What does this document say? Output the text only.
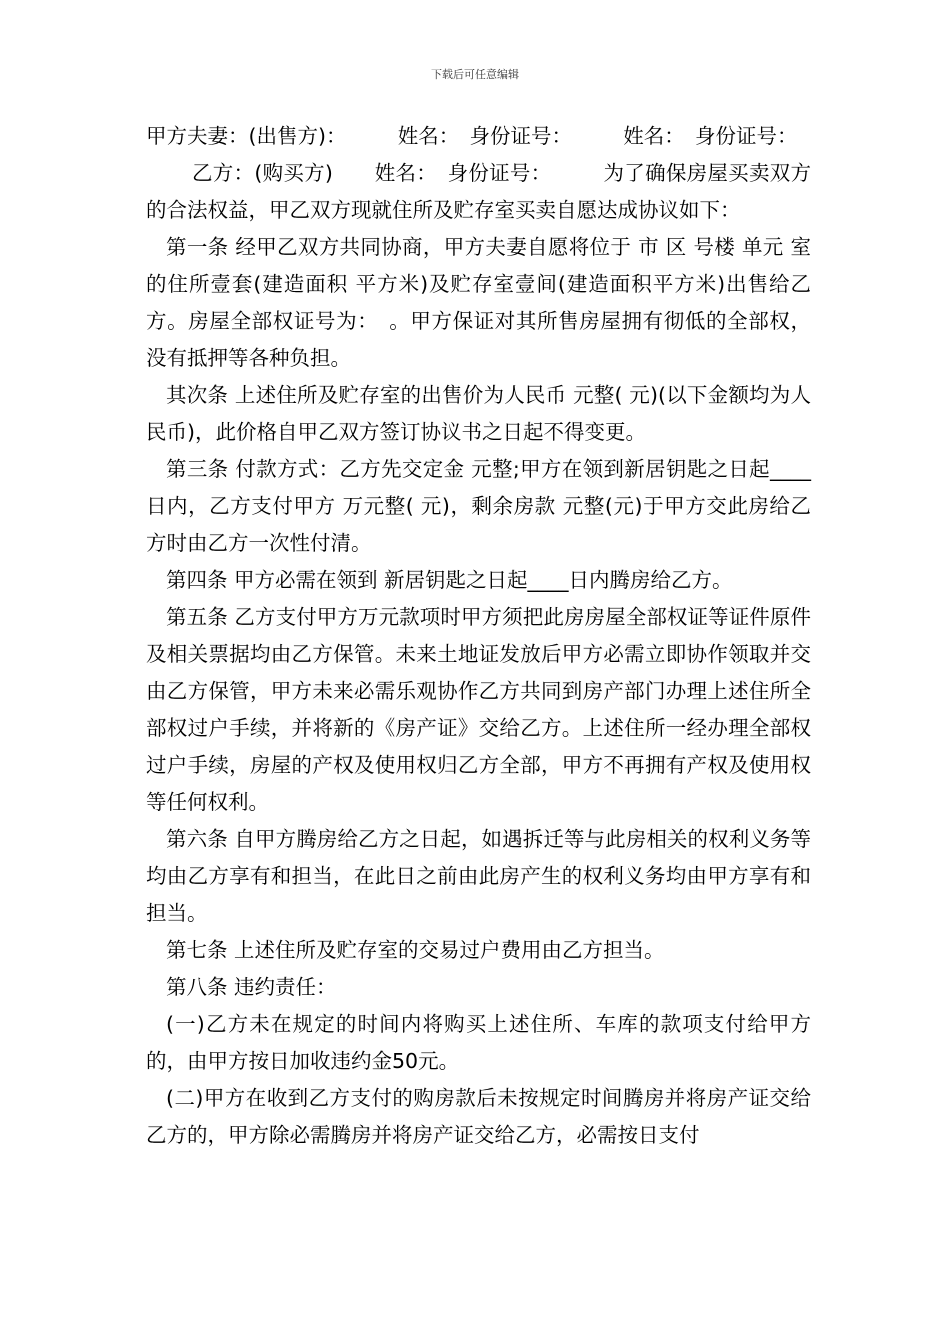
下载后可任意编辑

甲方夫妻：(出售方)：　　　姓名：　身份证号：　　　姓名：　身份证号：

乙方：(购买方)　　姓名：　身份证号：　　　为了确保房屋买卖双方的合法权益，甲乙双方现就住所及贮存室买卖自愿达成协议如下：

第一条 经甲乙双方共同协商，甲方夫妻自愿将位于 市 区 号楼 单元 室的住所壹套(建造面积 平方米)及贮存室壹间(建造面积平方米)出售给乙方。房屋全部权证号为：　。甲方保证对其所售房屋拥有彻低的全部权，没有抵押等各种负担。

其次条 上述住所及贮存室的出售价为人民币 元整( 元)(以下金额均为人民币)，此价格自甲乙双方签订协议书之日起不得变更。

第三条 付款方式：乙方先交定金 元整;甲方在领到新居钥匙之日起____日内，乙方支付甲方 万元整( 元)，剩余房款 元整(元)于甲方交此房给乙方时由乙方一次性付清。

第四条 甲方必需在领到 新居钥匙之日起____日内腾房给乙方。

第五条 乙方支付甲方万元款项时甲方须把此房房屋全部权证等证件原件及相关票据均由乙方保管。未来土地证发放后甲方必需立即协作领取并交由乙方保管，甲方未来必需乐观协作乙方共同到房产部门办理上述住所全部权过户手续，并将新的《房产证》交给乙方。上述住所一经办理全部权过户手续，房屋的产权及使用权归乙方全部，甲方不再拥有产权及使用权等任何权利。

第六条 自甲方腾房给乙方之日起，如遇拆迁等与此房相关的权利义务等均由乙方享有和担当，在此日之前由此房产生的权利义务均由甲方享有和担当。

第七条 上述住所及贮存室的交易过户费用由乙方担当。

第八条 违约责任：

(一)乙方未在规定的时间内将购买上述住所、车库的款项支付给甲方的，由甲方按日加收违约金50元。

(二)甲方在收到乙方支付的购房款后未按规定时间腾房并将房产证交给乙方的，甲方除必需腾房并将房产证交给乙方，必需按日支付
